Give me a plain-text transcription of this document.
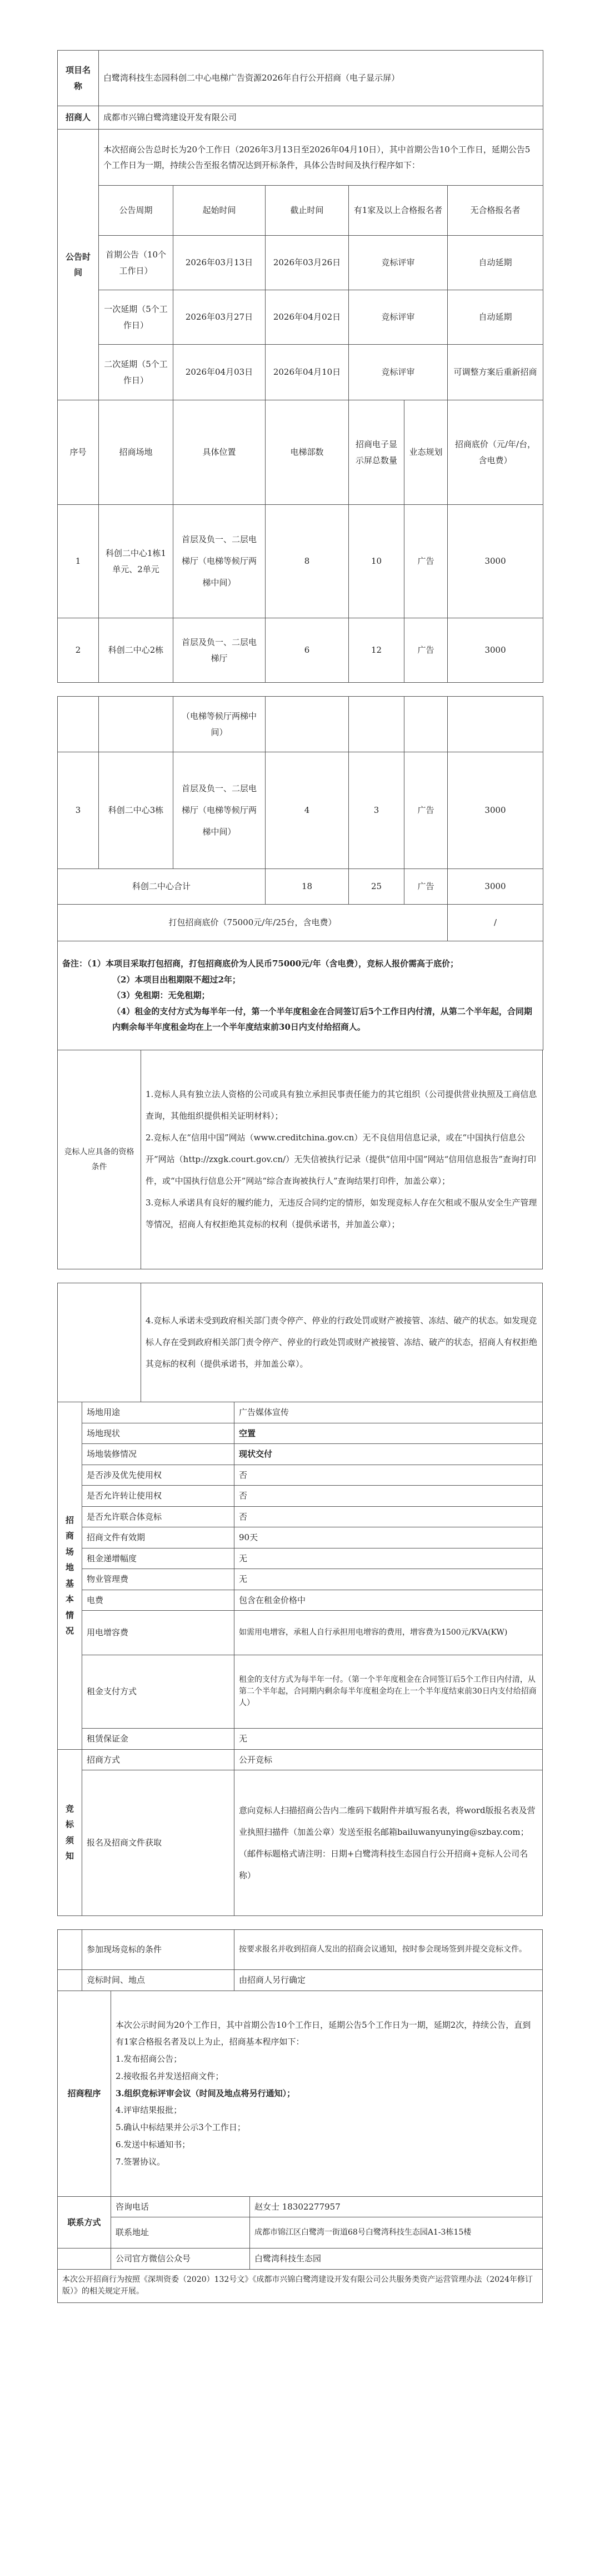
项目名称	白鹭湾科技生态园科创二中心电梯广告资源2026年自行公开招商（电子显示屏）					
招商人	成都市兴锦白鹭湾建设开发有限公司					
公告时间	本次招商公告总时长为20个工作日（2026年3月13日至2026年04月10日），其中首期公告10个工作日，延期公告5个工作日为一期，持续公告至报名情况达到开标条件，具体公告时间及执行程序如下：					
	公告周期	起始时间	截止时间	有1家及以上合格报名者		无合格报名者
	首期公告（10个工作日）	2026年03月13日	2026年03月26日	竞标评审		自动延期
	一次延期（5个工作日）	2026年03月27日	2026年04月02日	竞标评审		自动延期
	二次延期（5个工作日）	2026年04月03日	2026年04月10日	竞标评审		可调整方案后重新招商
序号	招商场地	具体位置	电梯部数	招商电子显示屏总数量	业态规划	招商底价（元/年/台，含电费）
1	科创二中心1栋1单元、2单元	首层及负一、二层电梯厅（电梯等候厅两梯中间）	8	10	广告	3000
2	科创二中心2栋	首层及负一、二层电梯厅	6	12	广告	3000
		（电梯等候厅两梯中间）				
3	科创二中心3栋	首层及负一、二层电梯厅（电梯等候厅两梯中间）	4	3	广告	3000
科创二中心合计			18	25	广告	3000
打包招商底价（75000元/年/25台，含电费）						/

备注：（1）本项目采取打包招商，打包招商底价为人民币75000元/年（含电费），竞标人报价需高于底价；
（2）本项目出租期限不超过2年；
（3）免租期：无免租期；
（4）租金的支付方式为每半年一付，第一个半年度租金在合同签订后5个工作日内付清，从第二个半年起，合同期内剩余每半年度租金均在上一个半年度结束前30日内支付给招商人。						
竞标人应具备的资格条件	
1.竞标人具有独立法人资格的公司或具有独立承担民事责任能力的其它组织（公司提供营业执照及工商信息查询，其他组织提供相关证明材料）；
2.竞标人在“信用中国”网站（www.creditchina.gov.cn）无不良信用信息记录，或在“中国执行信息公开”网站（http://zxgk.court.gov.cn/）无失信被执行记录（提供“信用中国”网站“信用信息报告”查询打印件，或“中国执行信息公开”网站“综合查询被执行人”查询结果打印件，加盖公章）；
3.竞标人承诺具有良好的履约能力，无违反合同约定的情形，如发现竞标人存在欠租或不服从安全生产管理等情况，招商人有权拒绝其竞标的权利（提供承诺书，并加盖公章）；
	4.竞标人承诺未受到政府相关部门责令停产、停业的行政处罚或财产被接管、冻结、破产的状态。如发现竞标人存在受到政府相关部门责令停产、停业的行政处罚或财产被接管、冻结、破产的状态，招商人有权拒绝其竞标的权利（提供承诺书，并加盖公章）。
招商场地基本情况	场地用途	广告媒体宣传
	场地现状	空置
	场地装修情况	现状交付
	是否涉及优先使用权	否
	是否允许转让使用权	否
	是否允许联合体竞标	否
	招商文件有效期	90天
	租金递增幅度	无
	物业管理费	无
	电费	包含在租金价格中
	用电增容费	如需用电增容，承租人自行承担用电增容的费用，增容费为1500元/KVA(KW)
	租金支付方式	租金的支付方式为每半年一付。（第一个半年度租金在合同签订后5个工作日内付清，从第二个半年起，合同期内剩余每半年度租金均在上一个半年度结束前30日内支付给招商人）
	租赁保证金	无
竞标须知	招商方式	公开竞标
	报名及招商文件获取	意向竞标人扫描招商公告内二维码下载附件并填写报名表，将word版报名表及营业执照扫描件（加盖公章）发送至报名邮箱bailuwanyunying@szbay.com；（邮件标题格式请注明：日期+白鹭湾科技生态园自行公开招商+竞标人公司名称）
	参加现场竞标的条件	按要求报名并收到招商人发出的招商会议通知，按时参会现场签到并提交竞标文件。
	竞标时间、地点	由招商人另行确定
招商程序	
本次公示时间为20个工作日，其中首期公告10个工作日，延期公告5个工作日为一期，延期2次，持续公告，直到有1家合格报名者及以上为止，招商基本程序如下：
1.发布招商公告；
2.接收报名并发送招商文件；
3.组织竞标评审会议（时间及地点将另行通知）；
4.评审结果报批；
5.确认中标结果并公示3个工作日；
6.发送中标通知书；
7.签署协议。
联系方式	咨询电话	赵女士 18302277957
	联系地址	成都市锦江区白鹭湾一街道68号白鹭湾科技生态园A1-3栋15楼
	公司官方微信公众号	白鹭湾科技生态园
本次公开招商行为按照《深圳资委（2020）132号文》《成都市兴锦白鹭湾建设开发有限公司公共服务类资产运营管理办法（2024年修订版）》的相关规定开展。		
